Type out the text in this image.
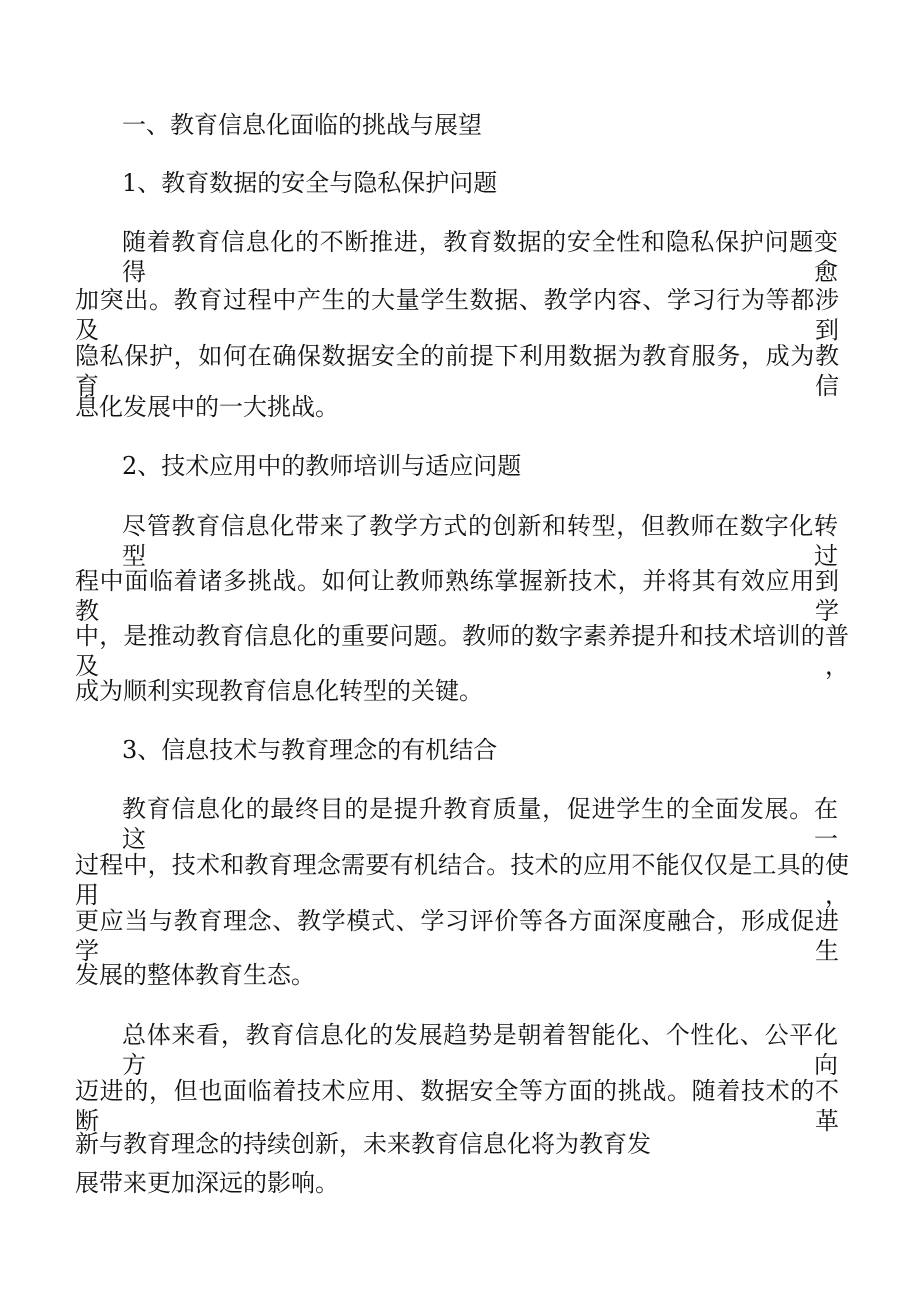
一、教育信息化面临的挑战与展望
1、教育数据的安全与隐私保护问题
随着教育信息化的不断推进，教育数据的安全性和隐私保护问题变得愈
加突出。教育过程中产生的大量学生数据、教学内容、学习行为等都涉及到
隐私保护，如何在确保数据安全的前提下利用数据为教育服务，成为教育信
息化发展中的一大挑战。
2、技术应用中的教师培训与适应问题
尽管教育信息化带来了教学方式的创新和转型，但教师在数字化转型过
程中面临着诸多挑战。如何让教师熟练掌握新技术，并将其有效应用到教学
中，是推动教育信息化的重要问题。教师的数字素养提升和技术培训的普及，
成为顺利实现教育信息化转型的关键。
3、信息技术与教育理念的有机结合
教育信息化的最终目的是提升教育质量，促进学生的全面发展。在这一
过程中，技术和教育理念需要有机结合。技术的应用不能仅仅是工具的使用，
更应当与教育理念、教学模式、学习评价等各方面深度融合，形成促进学生
发展的整体教育生态。
总体来看，教育信息化的发展趋势是朝着智能化、个性化、公平化方向
迈进的，但也面临着技术应用、数据安全等方面的挑战。随着技术的不断革
新与教育理念的持续创新，未来教育信息化将为教育发
展带来更加深远的影响。
